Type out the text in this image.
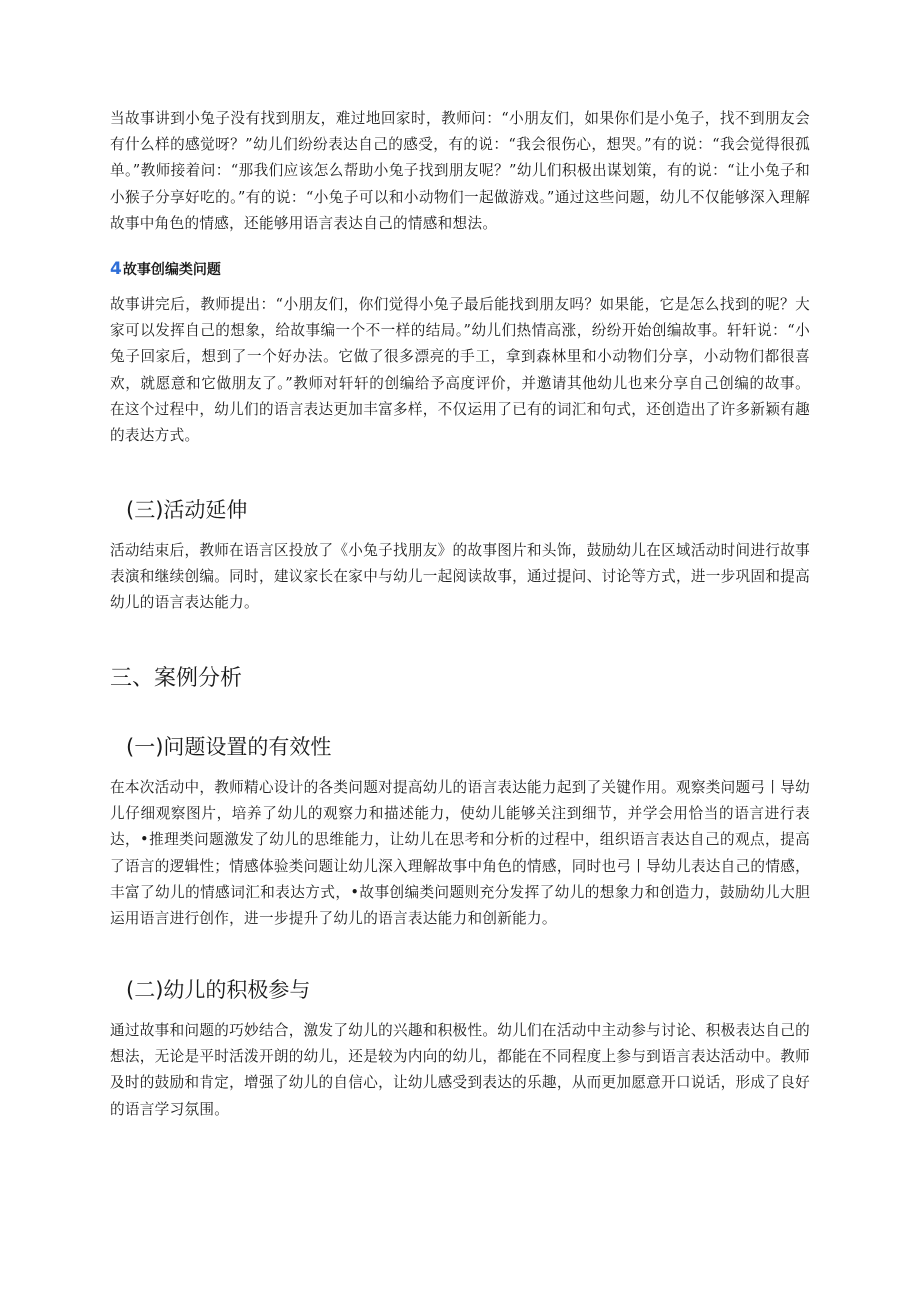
当故事讲到小兔子没有找到朋友，难过地回家时，教师问：“小朋友们，如果你们是小兔子，找不到朋友会有什么样的感觉呀？”幼儿们纷纷表达自己的感受，有的说：“我会很伤心，想哭。”有的说：“我会觉得很孤单。”教师接着问：“那我们应该怎么帮助小兔子找到朋友呢？”幼儿们积极出谋划策，有的说：“让小兔子和小猴子分享好吃的。”有的说：“小兔子可以和小动物们一起做游戏。”通过这些问题，幼儿不仅能够深入理解故事中角色的情感，还能够用语言表达自己的情感和想法。

4故事创编类问题

故事讲完后，教师提出：“小朋友们，你们觉得小兔子最后能找到朋友吗？如果能，它是怎么找到的呢？大家可以发挥自己的想象，给故事编一个不一样的结局。”幼儿们热情高涨，纷纷开始创编故事。轩轩说：“小兔子回家后，想到了一个好办法。它做了很多漂亮的手工，拿到森林里和小动物们分享，小动物们都很喜欢，就愿意和它做朋友了。”教师对轩轩的创编给予高度评价，并邀请其他幼儿也来分享自己创编的故事。在这个过程中，幼儿们的语言表达更加丰富多样，不仅运用了已有的词汇和句式，还创造出了许多新颖有趣的表达方式。

(三)活动延伸

活动结束后，教师在语言区投放了《小兔子找朋友》的故事图片和头饰，鼓励幼儿在区域活动时间进行故事表演和继续创编。同时，建议家长在家中与幼儿一起阅读故事，通过提问、讨论等方式，进一步巩固和提高幼儿的语言表达能力。

三、案例分析
(一)问题设置的有效性

在本次活动中，教师精心设计的各类问题对提高幼儿的语言表达能力起到了关键作用。观察类问题弓丨导幼儿仔细观察图片，培养了幼儿的观察力和描述能力，使幼儿能够关注到细节，并学会用恰当的语言进行表达，•推理类问题激发了幼儿的思维能力，让幼儿在思考和分析的过程中，组织语言表达自己的观点，提高了语言的逻辑性；情感体验类问题让幼儿深入理解故事中角色的情感，同时也弓丨导幼儿表达自己的情感，丰富了幼儿的情感词汇和表达方式，•故事创编类问题则充分发挥了幼儿的想象力和创造力，鼓励幼儿大胆运用语言进行创作，进一步提升了幼儿的语言表达能力和创新能力。

(二)幼儿的积极参与

通过故事和问题的巧妙结合，激发了幼儿的兴趣和积极性。幼儿们在活动中主动参与讨论、积极表达自己的想法，无论是平时活泼开朗的幼儿，还是较为内向的幼儿，都能在不同程度上参与到语言表达活动中。教师及时的鼓励和肯定，增强了幼儿的自信心，让幼儿感受到表达的乐趣，从而更加愿意开口说话，形成了良好的语言学习氛围。
